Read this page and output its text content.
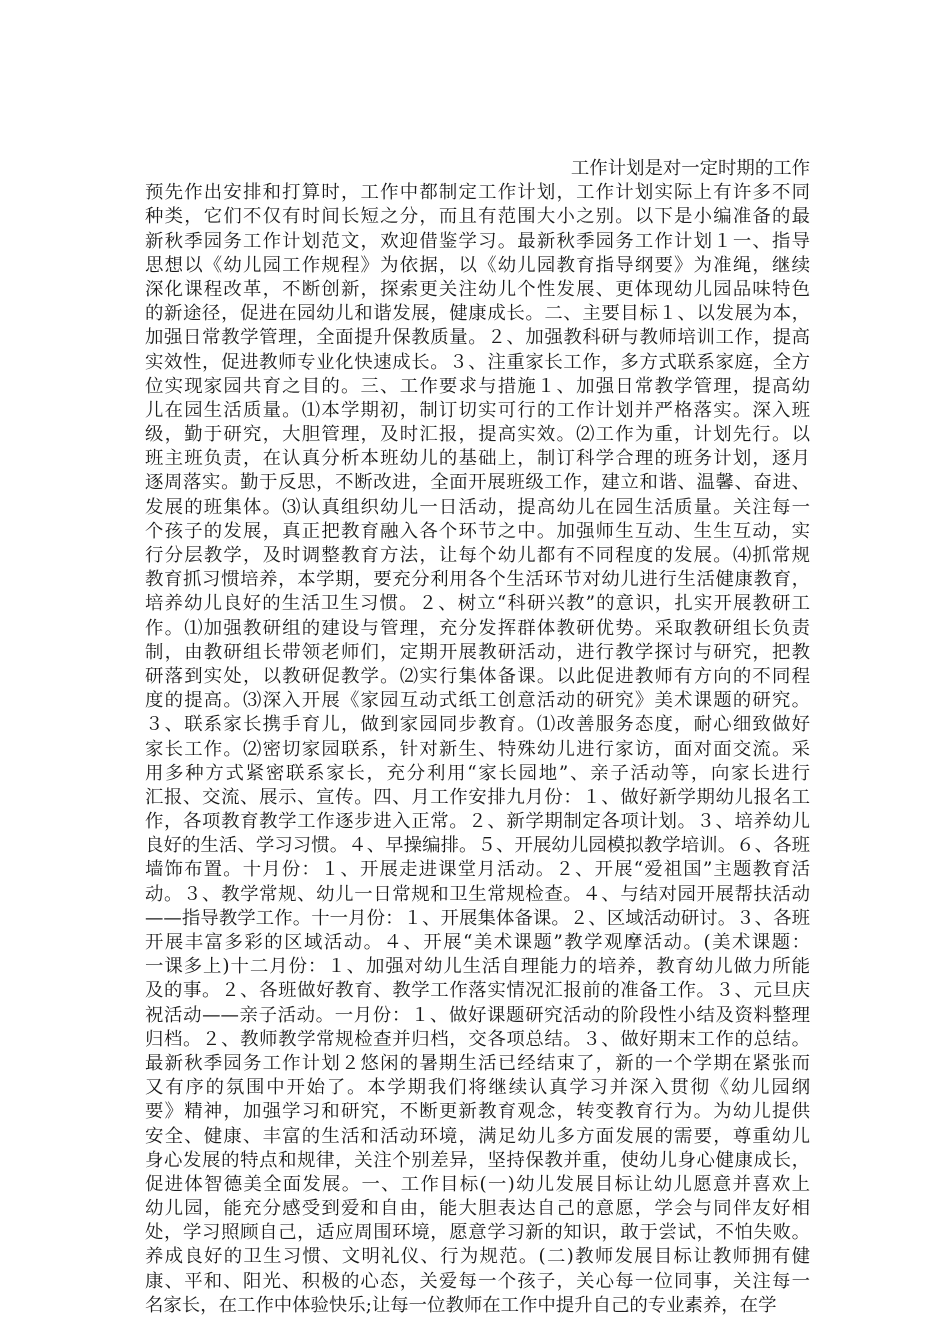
工作计划是对一定时期的工作
预先作出安排和打算时，工作中都制定工作计划，工作计划实际上有许多不同
种类，它们不仅有时间长短之分，而且有范围大小之别。以下是小编准备的最
新秋季园务工作计划范文，欢迎借鉴学习。最新秋季园务工作计划１一、指导
思想以《幼儿园工作规程》为依据，以《幼儿园教育指导纲要》为准绳，继续
深化课程改革，不断创新，探索更关注幼儿个性发展、更体现幼儿园品味特色
的新途径，促进在园幼儿和谐发展，健康成长。二、主要目标１、以发展为本，
加强日常教学管理，全面提升保教质量。２、加强教科研与教师培训工作，提高
实效性，促进教师专业化快速成长。３、注重家长工作，多方式联系家庭，全方
位实现家园共育之目的。三、工作要求与措施１、加强日常教学管理，提高幼
儿在园生活质量。⑴本学期初，制订切实可行的工作计划并严格落实。深入班
级，勤于研究，大胆管理，及时汇报，提高实效。⑵工作为重，计划先行。以
班主班负责，在认真分析本班幼儿的基础上，制订科学合理的班务计划，逐月
逐周落实。勤于反思，不断改进，全面开展班级工作，建立和谐、温馨、奋进、
发展的班集体。⑶认真组织幼儿一日活动，提高幼儿在园生活质量。关注每一
个孩子的发展，真正把教育融入各个环节之中。加强师生互动、生生互动，实
行分层教学，及时调整教育方法，让每个幼儿都有不同程度的发展。⑷抓常规
教育抓习惯培养，本学期，要充分利用各个生活环节对幼儿进行生活健康教育，
培养幼儿良好的生活卫生习惯。２、树立“科研兴教”的意识，扎实开展教研工
作。⑴加强教研组的建设与管理，充分发挥群体教研优势。采取教研组长负责
制，由教研组长带领老师们，定期开展教研活动，进行教学探讨与研究，把教
研落到实处，以教研促教学。⑵实行集体备课。以此促进教师有方向的不同程
度的提高。⑶深入开展《家园互动式纸工创意活动的研究》美术课题的研究。
３、联系家长携手育儿，做到家园同步教育。⑴改善服务态度，耐心细致做好
家长工作。⑵密切家园联系，针对新生、特殊幼儿进行家访，面对面交流。采
用多种方式紧密联系家长，充分利用“家长园地”、亲子活动等，向家长进行
汇报、交流、展示、宣传。四、月工作安排九月份：１、做好新学期幼儿报名工
作，各项教育教学工作逐步进入正常。２、新学期制定各项计划。３、培养幼儿
良好的生活、学习习惯。４、早操编排。５、开展幼儿园模拟教学培训。６、各班
墙饰布置。十月份：１、开展走进课堂月活动。２、开展“爱祖国”主题教育活
动。３、教学常规、幼儿一日常规和卫生常规检查。４、与结对园开展帮扶活动
——指导教学工作。十一月份：１、开展集体备课。２、区域活动研讨。３、各班
开展丰富多彩的区域活动。４、开展“美术课题”教学观摩活动。(美术课题：
一课多上)十二月份：１、加强对幼儿生活自理能力的培养，教育幼儿做力所能
及的事。２、各班做好教育、教学工作落实情况汇报前的准备工作。３、元旦庆
祝活动——亲子活动。一月份：１、做好课题研究活动的阶段性小结及资料整理
归档。２、教师教学常规检查并归档，交各项总结。３、做好期末工作的总结。
最新秋季园务工作计划２悠闲的暑期生活已经结束了，新的一个学期在紧张而
又有序的氛围中开始了。本学期我们将继续认真学习并深入贯彻《幼儿园纲
要》精神，加强学习和研究，不断更新教育观念，转变教育行为。为幼儿提供
安全、健康、丰富的生活和活动环境，满足幼儿多方面发展的需要，尊重幼儿
身心发展的特点和规律，关注个别差异，坚持保教并重，使幼儿身心健康成长，
促进体智德美全面发展。一、工作目标(一)幼儿发展目标让幼儿愿意并喜欢上
幼儿园，能充分感受到爱和自由，能大胆表达自己的意愿，学会与同伴友好相
处，学习照顾自己，适应周围环境，愿意学习新的知识，敢于尝试，不怕失败。
养成良好的卫生习惯、文明礼仪、行为规范。(二)教师发展目标让教师拥有健
康、平和、阳光、积极的心态，关爱每一个孩子，关心每一位同事，关注每一
名家长，在工作中体验快乐;让每一位教师在工作中提升自己的专业素养，在学
